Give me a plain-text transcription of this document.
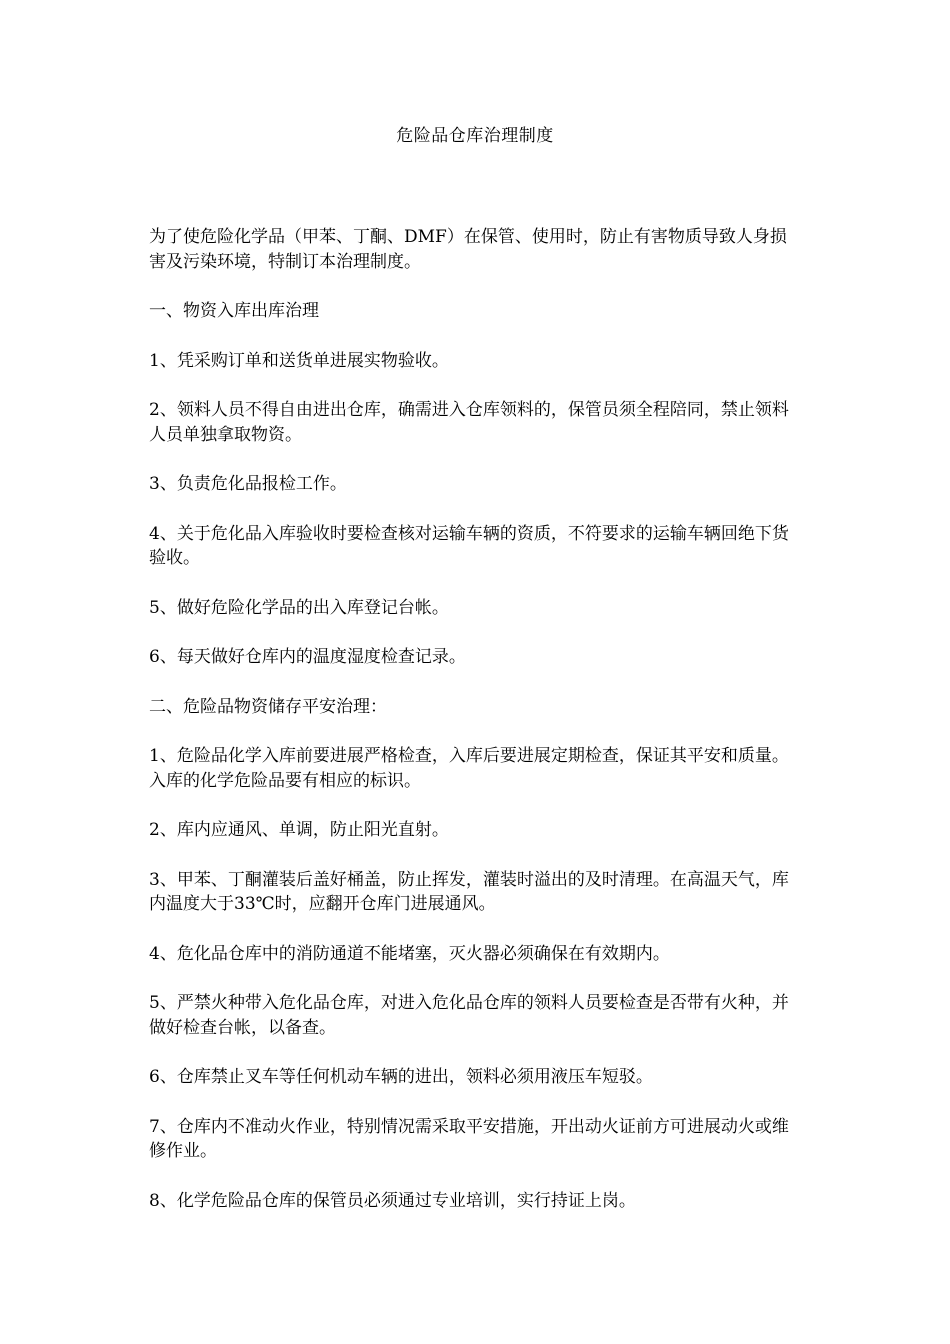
危险品仓库治理制度

为了使危险化学品（甲苯、丁酮、DMF）在保管、使用时，防止有害物质导致人身损害及污染环境，特制订本治理制度。

一、物资入库出库治理

1、凭采购订单和送货单进展实物验收。

2、领料人员不得自由进出仓库，确需进入仓库领料的，保管员须全程陪同，禁止领料人员单独拿取物资。

3、负责危化品报检工作。

4、关于危化品入库验收时要检查核对运输车辆的资质，不符要求的运输车辆回绝下货验收。

5、做好危险化学品的出入库登记台帐。

6、每天做好仓库内的温度湿度检查记录。

二、危险品物资储存平安治理：

1、危险品化学入库前要进展严格检查，入库后要进展定期检查，保证其平安和质量。入库的化学危险品要有相应的标识。

2、库内应通风、单调，防止阳光直射。

3、甲苯、丁酮灌装后盖好桶盖，防止挥发，灌装时溢出的及时清理。在高温天气，库内温度大于33℃时，应翻开仓库门进展通风。

4、危化品仓库中的消防通道不能堵塞，灭火器必须确保在有效期内。

5、严禁火种带入危化品仓库，对进入危化品仓库的领料人员要检查是否带有火种，并做好检查台帐，以备查。

6、仓库禁止叉车等任何机动车辆的进出，领料必须用液压车短驳。

7、仓库内不准动火作业，特别情况需采取平安措施，开出动火证前方可进展动火或维修作业。

8、化学危险品仓库的保管员必须通过专业培训，实行持证上岗。
